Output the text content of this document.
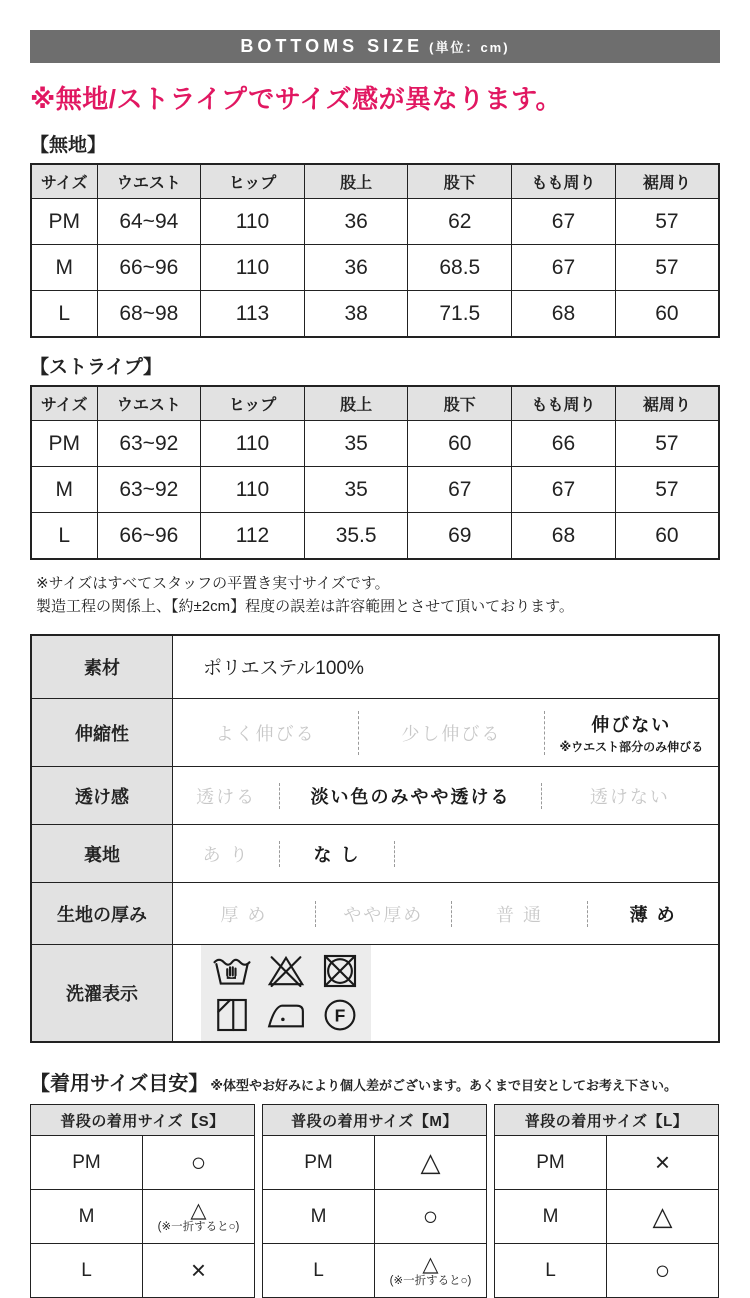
BOTTOMS SIZE (単位：cm)
※無地/ストライプでサイズ感が異なります。
【無地】
サイズ	ウエスト	ヒップ	股上	股下	もも周り	裾周り
PM	64~94	110	36	62	67	57
M	66~96	110	36	68.5	67	57
L	68~98	113	38	71.5	68	60
【ストライプ】
サイズ	ウエスト	ヒップ	股上	股下	もも周り	裾周り
PM	63~92	110	35	60	66	57
M	63~92	110	35	67	67	57
L	66~96	112	35.5	69	68	60
※サイズはすべてスタッフの平置き実寸サイズです。
製造工程の関係上、【約±2cm】程度の誤差は許容範囲とさせて頂いております。
素材	ポリエステル100%

伸縮性	よく伸びる 少し伸びる 伸びない
※ウエスト部分のみ伸びる

透け感	透ける 淡い色のみやや透ける 透けない

裏地	あ り な し

生地の厚み	厚 め やや厚め 普 通 薄 め

洗濯表示	F
【着用サイズ目安】 ※体型やお好みにより個人差がございます。あくまで目安としてお考え下さい。
普段の着用サイズ【S】	
PM	○

M	△
(※一折すると○)

L	×
普段の着用サイズ【M】	
PM	△

M	○

L	△
(※一折すると○)
普段の着用サイズ【L】	
PM	×

M	△

L	○
